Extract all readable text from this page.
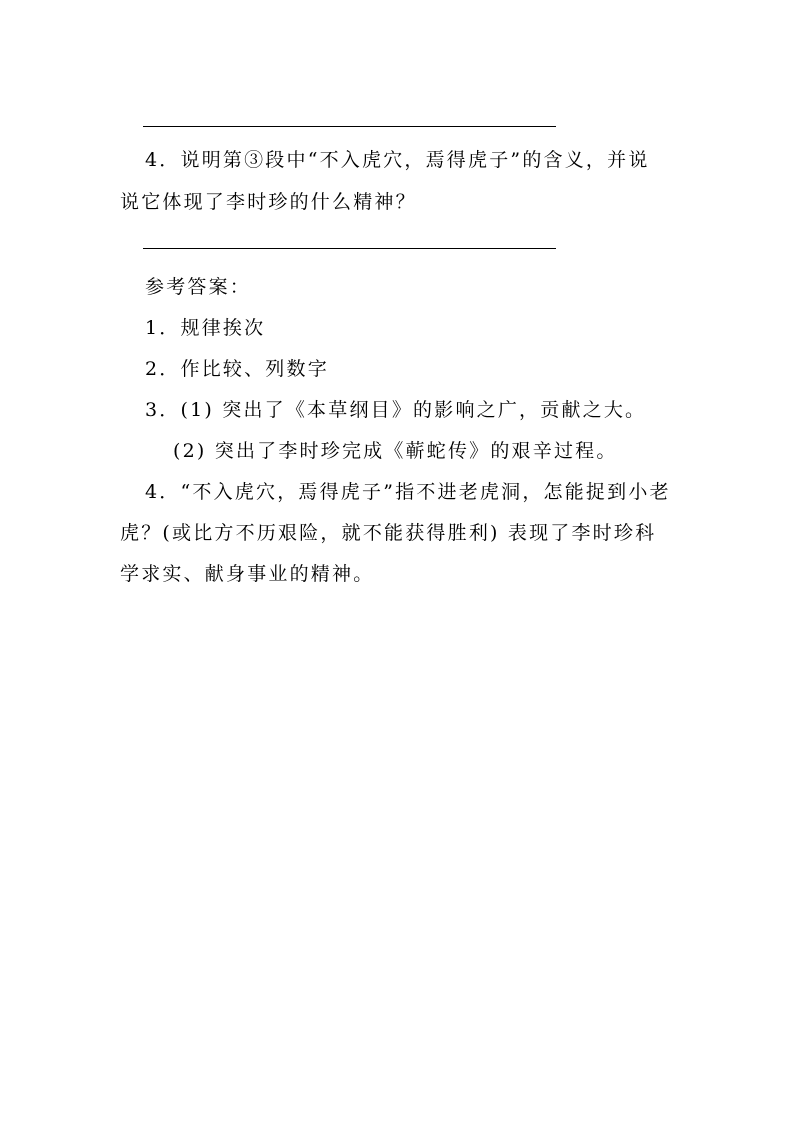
4．说明第③段中“不入虎穴，焉得虎子”的含义，并说
说它体现了李时珍的什么精神？
参考答案：
1．规律挨次
2．作比较、列数字
3．(1) 突出了《本草纲目》的影响之广，贡献之大。
(2) 突出了李时珍完成《蕲蛇传》的艰辛过程。
4．“不入虎穴，焉得虎子”指不进老虎洞，怎能捉到小老
虎？(或比方不历艰险，就不能获得胜利) 表现了李时珍科
学求实、献身事业的精神。
